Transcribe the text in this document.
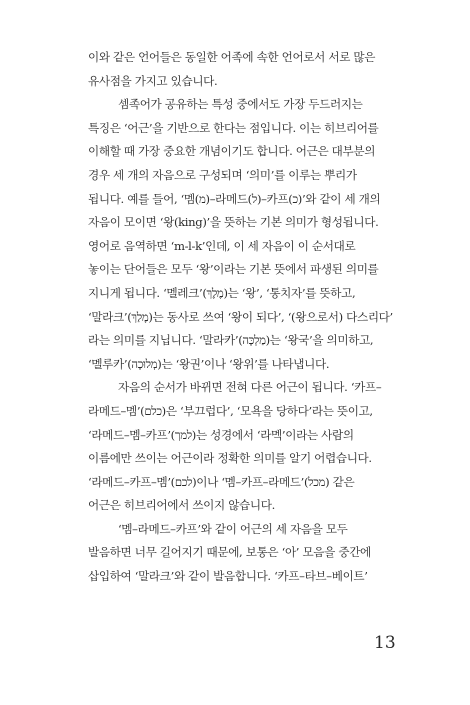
이와 같은 언어들은 동일한 어족에 속한 언어로서 서로 많은
유사점을 가지고 있습니다.
셈족어가 공유하는 특성 중에서도 가장 두드러지는
특징은 ‘어근’을 기반으로 한다는 점입니다. 이는 히브리어를
이해할 때 가장 중요한 개념이기도 합니다. 어근은 대부분의
경우 세 개의 자음으로 구성되며 ‘의미’를 이루는 뿌리가
됩니다. 예를 들어, ‘멤(מ)–라메드(ל)–카프(כ)’와 같이 세 개의
자음이 모이면 ‘왕(king)’을 뜻하는 기본 의미가 형성됩니다.
영어로 음역하면 ‘m-l-k’인데, 이 세 자음이 이 순서대로
놓이는 단어들은 모두 ‘왕’이라는 기본 뜻에서 파생된 의미를
지니게 됩니다. ‘멜레크’(מֶלֶךְ)는 ‘왕’, ‘통치자’를 뜻하고,
‘말라크’(מָלַךְ)는 동사로 쓰여 ‘왕이 되다’, ‘(왕으로서) 다스리다’
라는 의미를 지닙니다. ‘말라카’(מַלְכָּה)는 ‘왕국’을 의미하고,
‘멜루카’(מְלוּכָה)는 ‘왕권’이나 ‘왕위’를 나타냅니다.
자음의 순서가 바뀌면 전혀 다른 어근이 됩니다. ‘카프–
라메드–멤’(כלם)은 ‘부끄럽다’, ‘모욕을 당하다’라는 뜻이고,
‘라메드–멤–카프’(למך)는 성경에서 ‘라멕’이라는 사람의
이름에만 쓰이는 어근이라 정확한 의미를 알기 어렵습니다.
‘라메드–카프–멤’(לכם)이나 ‘멤–카프–라메드’(מכל) 같은
어근은 히브리어에서 쓰이지 않습니다.
‘멤–라메드–카프’와 같이 어근의 세 자음을 모두
발음하면 너무 길어지기 때문에, 보통은 ‘아’ 모음을 중간에
삽입하여 ‘말라크’와 같이 발음합니다. ‘카프–타브–베이트’
13
